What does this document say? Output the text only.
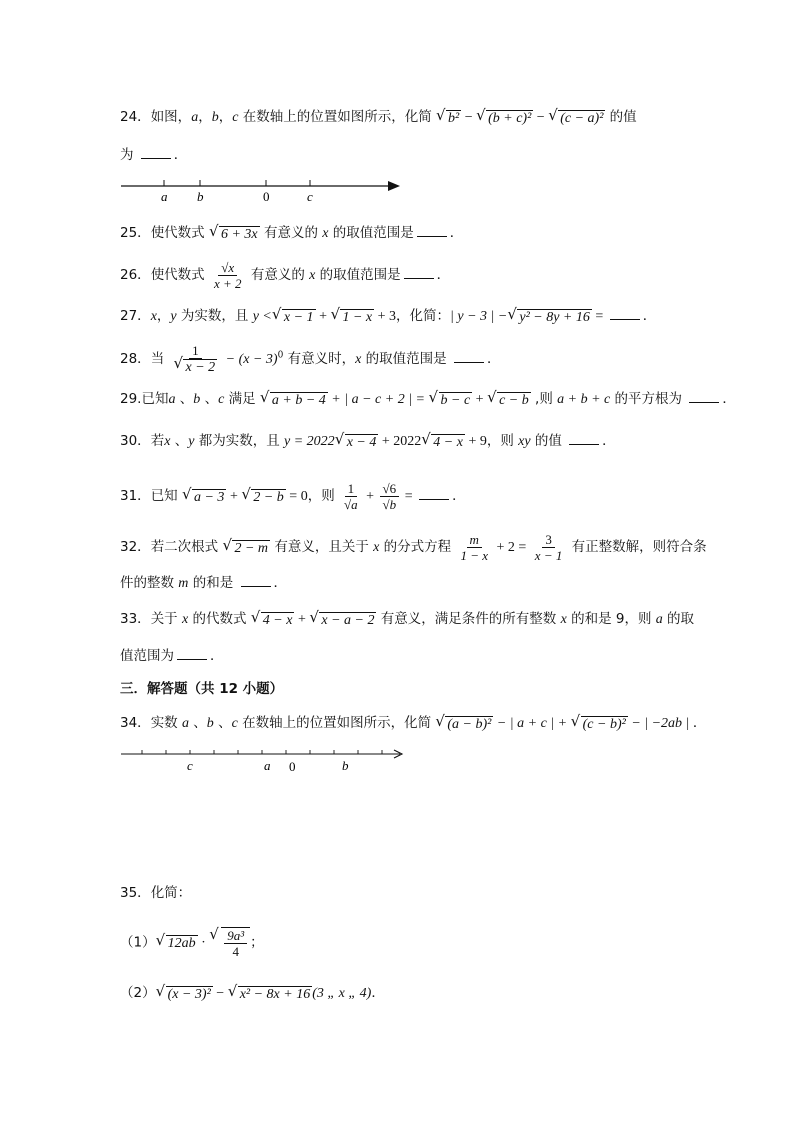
24．如图，a，b，c 在数轴上的位置如图所示，化简 √ b² − √ (b + c)² − √ (c − a)² 的值
为	．
a b	0	c
25．使代数式 √ 6 + 3x 有意义的 x 的取值范围是	．
26．使代数式 $\frac{√x}{x + 2}$ 有意义的 x 的取值范围是	．
27．x，y 为实数，且 y < √ x − 1 + √ 1 − x + 3，化简：| y − 3 | − √ y² − 8y + 16 =	．
28．当 1
√ $x - 2 - (x - 3)^0$ 有意义时，x 的取值范围是	．
29.已知a 、b 、c 满足 √ a + b − 4 + | a − c + 2 | = √ b − c + √ c − b ,则 a + b + c 的平方根为	．
30．若x 、y 都为实数，且 y = 2022 √ x − 4 + 2022 √ 4 − x + 9，则 xy 的值	．
31．已知 √ a − 3 + √ 2 − b = 0，则 $\frac{1}{√a} + \frac{√6}{√b}$ =	．
32．若二次根式 √ 2 − m 有意义，且关于 x 的分式方程 $\frac{m}{1 - x} + 2 = \frac{3}{x - 1}$ 有正整数解，则符合条
件的整数 m 的和是	．
33．关于 x 的代数式 √ 4 − x + √ x − a − 2 有意义，满足条件的所有整数 x 的和是 9，则 a 的取
值范围为	．
三．解答题（共 12 小题）
34．实数 a 、b 、c 在数轴上的位置如图所示，化简 √ (a − b)² − | a + c | + √ (c − b)² − | −2ab | ．
c	a 0	b
35．化简：
（1） √ 12ab · √ $\frac{\text{9a³}}{4}$ ；
（2） √ (x − 3)² − √ x² − 8x + 16 (3 „ x „ 4)．
